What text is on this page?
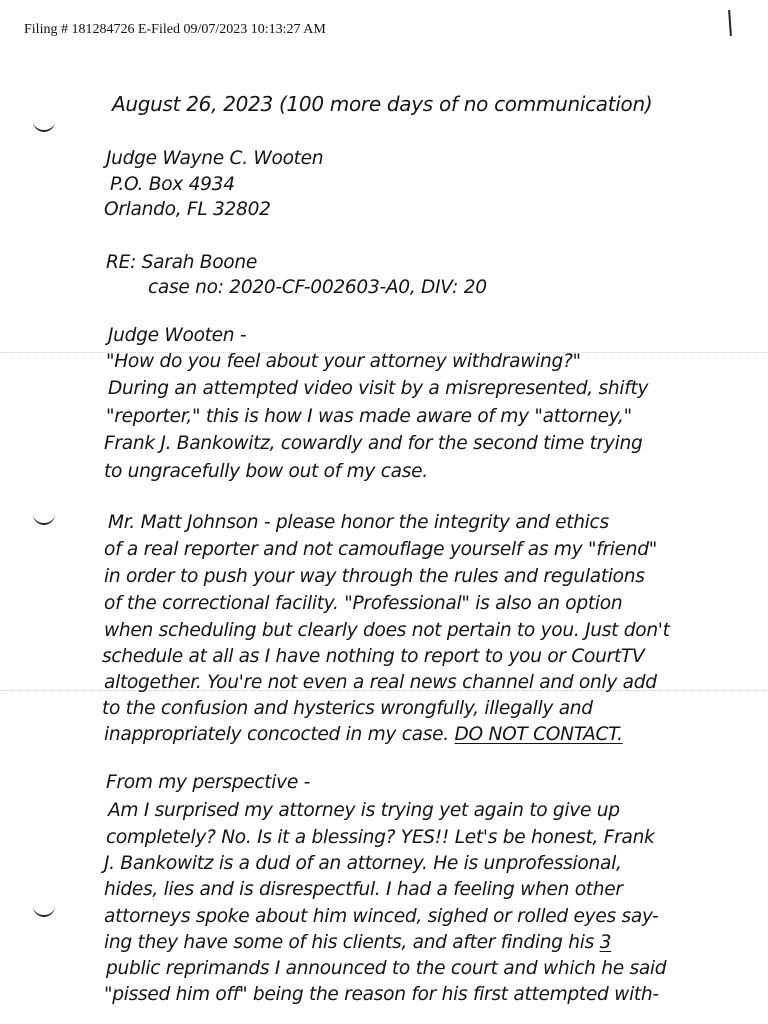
Filing # 181284726 E-Filed 09/07/2023 10:13:27 AM
August 26, 2023 (100 more days of no communication)
Judge Wayne C. Wooten
P.O. Box 4934
Orlando, FL 32802
RE: Sarah Boone
case no: 2020-CF-002603-A0, DIV: 20
Judge Wooten -
"How do you feel about your attorney withdrawing?"
During an attempted video visit by a misrepresented, shifty
"reporter," this is how I was made aware of my "attorney,"
Frank J. Bankowitz, cowardly and for the second time trying
to ungracefully bow out of my case.
Mr. Matt Johnson - please honor the integrity and ethics
of a real reporter and not camouflage yourself as my "friend"
in order to push your way through the rules and regulations
of the correctional facility. "Professional" is also an option
when scheduling but clearly does not pertain to you. Just don't
schedule at all as I have nothing to report to you or CourtTV
altogether. You're not even a real news channel and only add
to the confusion and hysterics wrongfully, illegally and
inappropriately concocted in my case. DO NOT CONTACT.
From my perspective -
Am I surprised my attorney is trying yet again to give up
completely? No. Is it a blessing? YES!! Let's be honest, Frank
J. Bankowitz is a dud of an attorney. He is unprofessional,
hides, lies and is disrespectful. I had a feeling when other
attorneys spoke about him winced, sighed or rolled eyes say-
ing they have some of his clients, and after finding his 3
public reprimands I announced to the court and which he said
"pissed him off" being the reason for his first attempted with-
